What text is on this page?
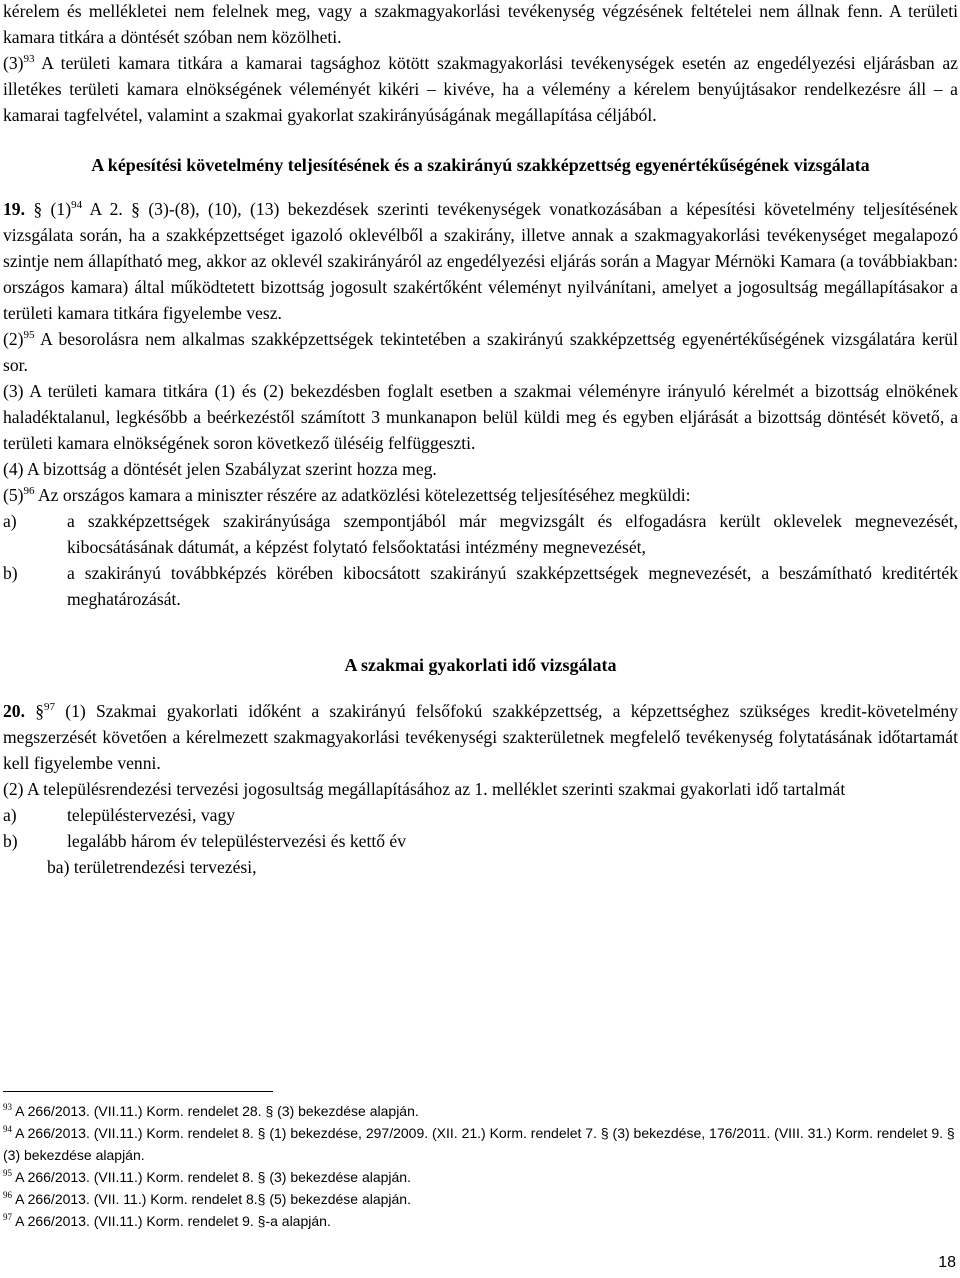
kérelem és mellékletei nem felelnek meg, vagy a szakmagyakorlási tevékenység végzésének feltételei nem állnak fenn. A területi kamara titkára a döntését szóban nem közölheti.

$(3)^{93}$ A területi kamara titkára a kamarai tagsághoz kötött szakmagyakorlási tevékenységek esetén az engedélyezési eljárásban az illetékes területi kamara elnökségének véleményét kikéri – kivéve, ha a vélemény a kérelem benyújtásakor rendelkezésre áll – a kamarai tagfelvétel, valamint a szakmai gyakorlat szakirányúságának megállapítása céljából.

A képesítési követelmény teljesítésének és a szakirányú szakképzettség egyenértékűségének vizsgálata

19. § $(1)^{94}$ A 2. § (3)-(8), (10), (13) bekezdések szerinti tevékenységek vonatkozásában a képesítési követelmény teljesítésének vizsgálata során, ha a szakképzettséget igazoló oklevélből a szakirány, illetve annak a szakmagyakorlási tevékenységet megalapozó szintje nem állapítható meg, akkor az oklevél szakirányáról az engedélyezési eljárás során a Magyar Mérnöki Kamara (a továbbiakban: országos kamara) által működtetett bizottság jogosult szakértőként véleményt nyilvánítani, amelyet a jogosultság megállapításakor a területi kamara titkára figyelembe vesz.

$(2)^{95}$ A besorolásra nem alkalmas szakképzettségek tekintetében a szakirányú szakképzettség egyenértékűségének vizsgálatára kerül sor.

(3) A területi kamara titkára (1) és (2) bekezdésben foglalt esetben a szakmai véleményre irányuló kérelmét a bizottság elnökének haladéktalanul, legkésőbb a beérkezéstől számított 3 munkanapon belül küldi meg és egyben eljárását a bizottság döntését követő, a területi kamara elnökségének soron következő üléséig felfüggeszti.

(4) A bizottság a döntését jelen Szabályzat szerint hozza meg.

$(5)^{96}$ Az országos kamara a miniszter részére az adatközlési kötelezettség teljesítéséhez megküldi:

a)	a szakképzettségek szakirányúsága szempontjából már megvizsgált és elfogadásra került oklevelek megnevezését, kibocsátásának dátumát, a képzést folytató felsőoktatási intézmény megnevezését,
b)	a szakirányú továbbképzés körében kibocsátott szakirányú szakképzettségek megnevezését, a beszámítható kreditérték meghatározását.

A szakmai gyakorlati idő vizsgálata

20. §$^{97}$ (1) Szakmai gyakorlati időként a szakirányú felsőfokú szakképzettség, a képzettséghez szükséges kredit-követelmény megszerzését követően a kérelmezett szakmagyakorlási tevékenységi szakterületnek megfelelő tevékenység folytatásának időtartamát kell figyelembe venni.

(2) A településrendezési tervezési jogosultság megállapításához az 1. melléklet szerinti szakmai gyakorlati idő tartalmát

a)	településtervezési, vagy
b)	legalább három év településtervezési és kettő év
ba) területrendezési tervezési,

$^{93}$ A 266/2013. (VII.11.) Korm. rendelet 28. § (3) bekezdése alapján.

$^{94}$ A 266/2013. (VII.11.) Korm. rendelet 8. § (1) bekezdése, 297/2009. (XII. 21.) Korm. rendelet 7. § (3) bekezdése, 176/2011. (VIII. 31.) Korm. rendelet 9. § (3) bekezdése alapján.

$^{95}$ A 266/2013. (VII.11.) Korm. rendelet 8. § (3) bekezdése alapján.

$^{96}$ A 266/2013. (VII. 11.) Korm. rendelet 8.§ (5) bekezdése alapján.

$^{97}$ A 266/2013. (VII.11.) Korm. rendelet 9. §-a alapján.

18
